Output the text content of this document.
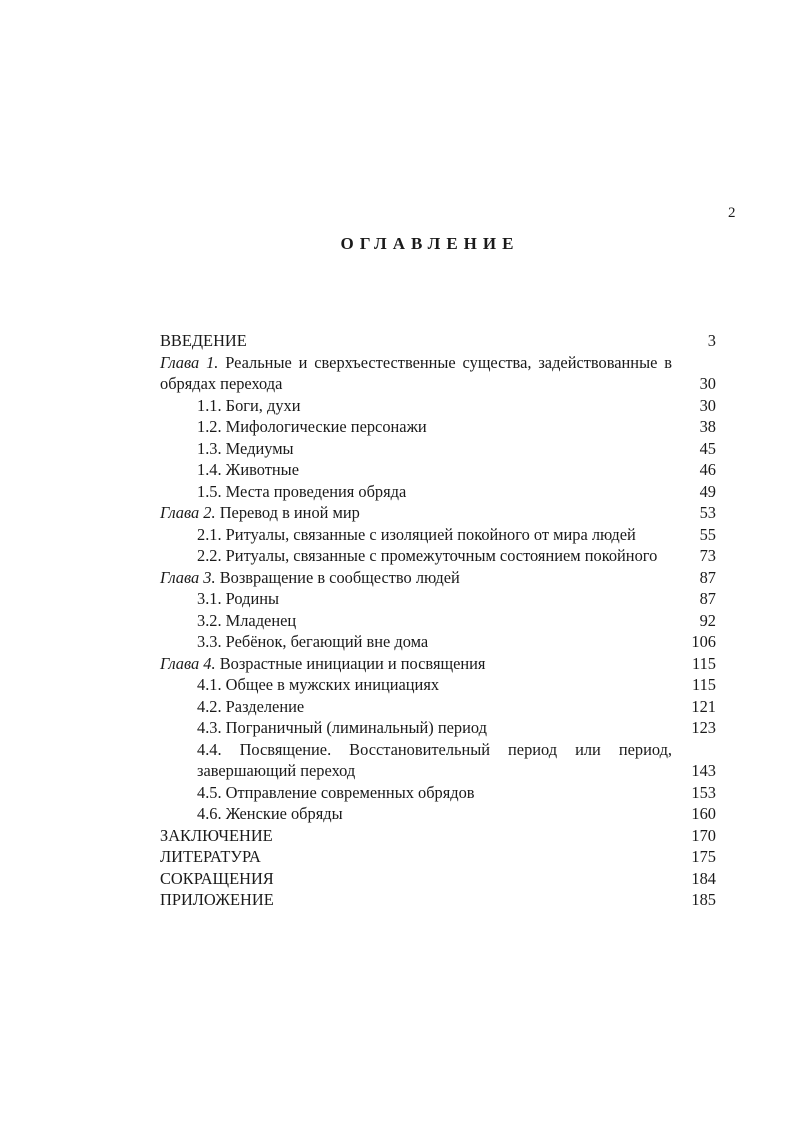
2
ОГЛАВЛЕНИЕ
ВВЕДЕНИЕ	3
Глава 1. Реальные и сверхъестественные существа, задействованные в обрядах перехода	30
1.1. Боги, духи	30
1.2. Мифологические персонажи	38
1.3. Медиумы	45
1.4. Животные	46
1.5. Места проведения обряда	49
Глава 2. Перевод в иной мир	53
2.1. Ритуалы, связанные с изоляцией покойного от мира людей	55
2.2. Ритуалы, связанные с промежуточным состоянием покойного	73
Глава 3. Возвращение в сообщество людей	87
3.1. Родины	87
3.2. Младенец	92
3.3. Ребёнок, бегающий вне дома	106
Глава 4. Возрастные инициации и посвящения	115
4.1. Общее в мужских инициациях	115
4.2. Разделение	121
4.3. Пограничный (лиминальный) период	123
4.4. Посвящение. Восстановительный период или период, завершающий переход	143
4.5. Отправление современных обрядов	153
4.6. Женские обряды	160
ЗАКЛЮЧЕНИЕ	170
ЛИТЕРАТУРА	175
СОКРАЩЕНИЯ	184
ПРИЛОЖЕНИЕ	185
